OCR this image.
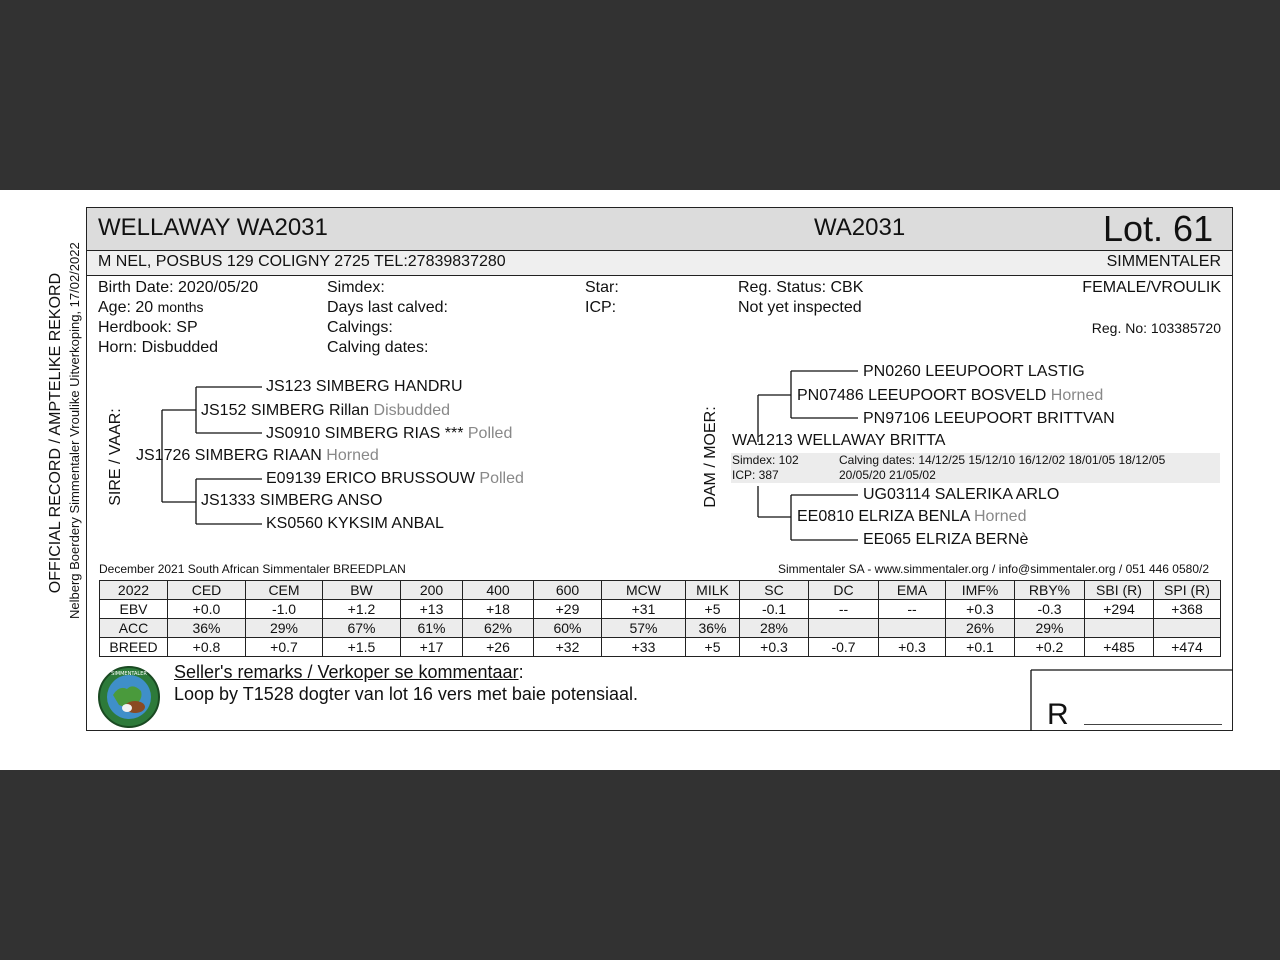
OFFICIAL RECORD / AMPTELIKE REKORD Nelberg Boerdery Simmentaler Vroulike Uitverkoping, 17/02/2022
WELLAWAY WA2031	WA2031	Lot. 61
M NEL, POSBUS 129 COLIGNY 2725 TEL:27839837280	SIMMENTALER
Birth Date: 2020/05/20
Age: 20 months
Herdbook: SP
Horn: Disbudded
Simdex:
Days last calved:
Calvings:
Calving dates:
Star:
ICP:
Reg. Status: CBK
Not yet inspected
FEMALE/VROULIK
Reg. No: 103385720
SIRE / VAAR: JS1726 SIMBERG RIAAN Horned
JS152 SIMBERG Rillan Disbudded
JS123 SIMBERG HANDRU
JS0910 SIMBERG RIAS *** Polled
JS1333 SIMBERG ANSO
E09139 ERICO BRUSSOUW Polled
KS0560 KYKSIM ANBAL
DAM / MOER: WA1213 WELLAWAY BRITTA
Simdex: 102
ICP: 387
Calving dates: 14/12/25 15/12/10 16/12/02 18/01/05 18/12/05
20/05/20 21/05/02
PN07486 LEEUPOORT BOSVELD Horned
PN0260 LEEUPOORT LASTIG
PN97106 LEEUPOORT BRITTVAN
EE0810 ELRIZA BENLA Horned
UG03114 SALERIKA ARLO
EE065 ELRIZA BERNè
December 2021 South African Simmentaler BREEDPLAN	Simmentaler SA - www.simmentaler.org / info@simmentaler.org / 051 446 0580/2
2022	CED	CEM	BW	200	400	600	MCW	MILK	SC	DC	EMA	IMF%	RBY%	SBI (R)	SPI (R)
EBV	+0.0	-1.0	+1.2	+13	+18	+29	+31	+5	-0.1	--	--	+0.3	-0.3	+294	+368
ACC	36%	29%	67%	61%	62%	60%	57%	36%	28%			26%	29%		
BREED	+0.8	+0.7	+1.5	+17	+26	+32	+33	+5	+0.3	-0.7	+0.3	+0.1	+0.2	+485	+474
SIMMENTALER Seller's remarks / Verkoper se kommentaar:
Loop by T1528 dogter van lot 16 vers met baie potensiaal.
R
